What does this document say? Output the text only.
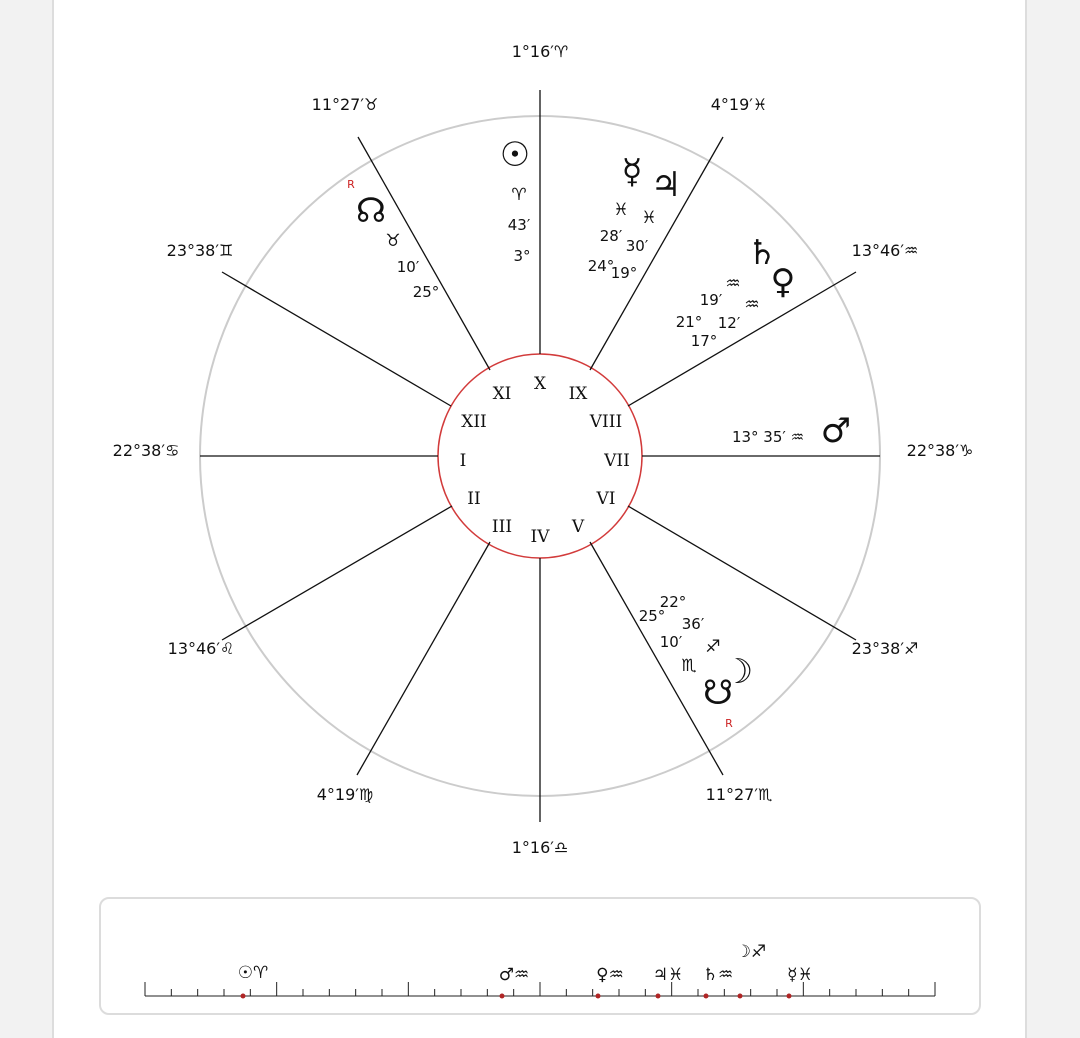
1°16′♈
11°27′♉	4°19′♓
23°38′♊	13°46′♒
22°38′♋	22°38′♑
13°46′♌	23°38′♐
4°19′♍	11°27′♏
1°16′♎
I
II
III IV V
VI
VII
VIII
IX
X
XI
XII
☉
♈
43′
3°
R
☊
♉
10′
25°
☿
♓
28′
24°
♃
♓
30′
19°	♄
♒
19′
21°
♀
♒
12′
17°
13° 35′ ♒ ♂
22°
36′
♐
☽
25°
10′
♏
☋
R
☉♈	♂♒	♀♒ ♃♓ ♄♒
☽♐
☿♓
